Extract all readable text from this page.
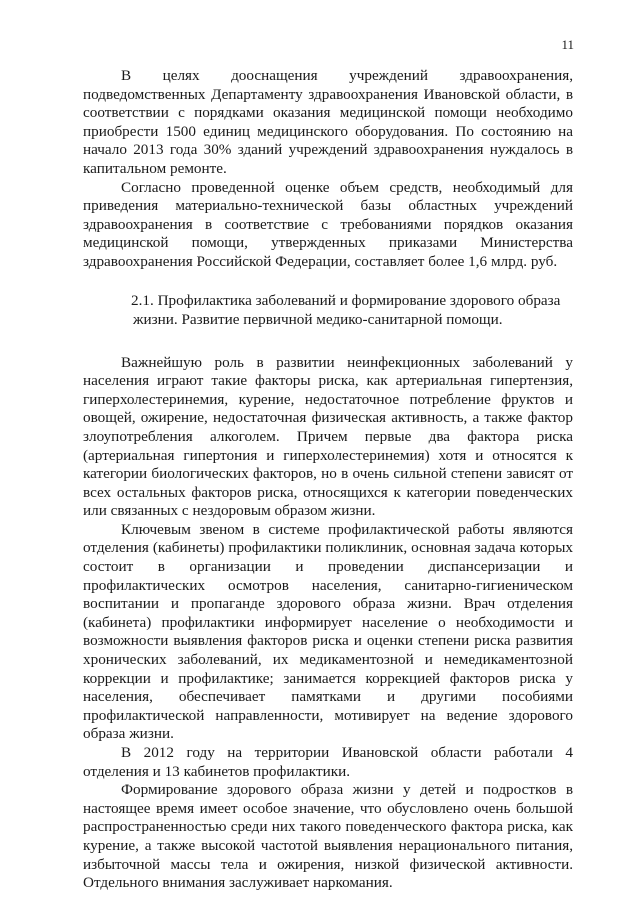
11

В целях дооснащения учреждений здравоохранения, подведомственных Департаменту здравоохранения Ивановской области, в соответствии с порядками оказания медицинской помощи необходимо приобрести 1500 единиц медицинского оборудования. По состоянию на начало 2013 года 30% зданий учреждений здравоохранения нуждалось в капитальном ремонте.

Согласно проведенной оценке объем средств, необходимый для приведения материально-технической базы областных учреждений здравоохранения в соответствие с требованиями порядков оказания медицинской помощи, утвержденных приказами Министерства здравоохранения Российской Федерации, составляет более 1,6 млрд. руб.

2.1. Профилактика заболеваний и формирование здорового образа
жизни. Развитие первичной медико-санитарной помощи.

Важнейшую роль в развитии неинфекционных заболеваний у населения играют такие факторы риска, как артериальная гипертензия, гиперхолестеринемия, курение, недостаточное потребление фруктов и овощей, ожирение, недостаточная физическая активность, а также фактор злоупотребления алкоголем. Причем первые два фактора риска (артериальная гипертония и гиперхолестеринемия) хотя и относятся к категории биологических факторов, но в очень сильной степени зависят от всех остальных факторов риска, относящихся к категории поведенческих или связанных с нездоровым образом жизни.

Ключевым звеном в системе профилактической работы являются отделения (кабинеты) профилактики поликлиник, основная задача которых состоит в организации и проведении диспансеризации и профилактических осмотров населения, санитарно-гигиеническом воспитании и пропаганде здорового образа жизни. Врач отделения (кабинета) профилактики информирует население о необходимости и возможности выявления факторов риска и оценки степени риска развития хронических заболеваний, их медикаментозной и немедикаментозной коррекции и профилактике; занимается коррекцией факторов риска у населения, обеспечивает памятками и другими пособиями профилактической направленности, мотивирует на ведение здорового образа жизни.

В 2012 году на территории Ивановской области работали 4 отделения и 13 кабинетов профилактики.

Формирование здорового образа жизни у детей и подростков в настоящее время имеет особое значение, что обусловлено очень большой распространенностью среди них такого поведенческого фактора риска, как курение, а также высокой частотой выявления нерационального питания, избыточной массы тела и ожирения, низкой физической активности. Отдельного внимания заслуживает наркомания.
